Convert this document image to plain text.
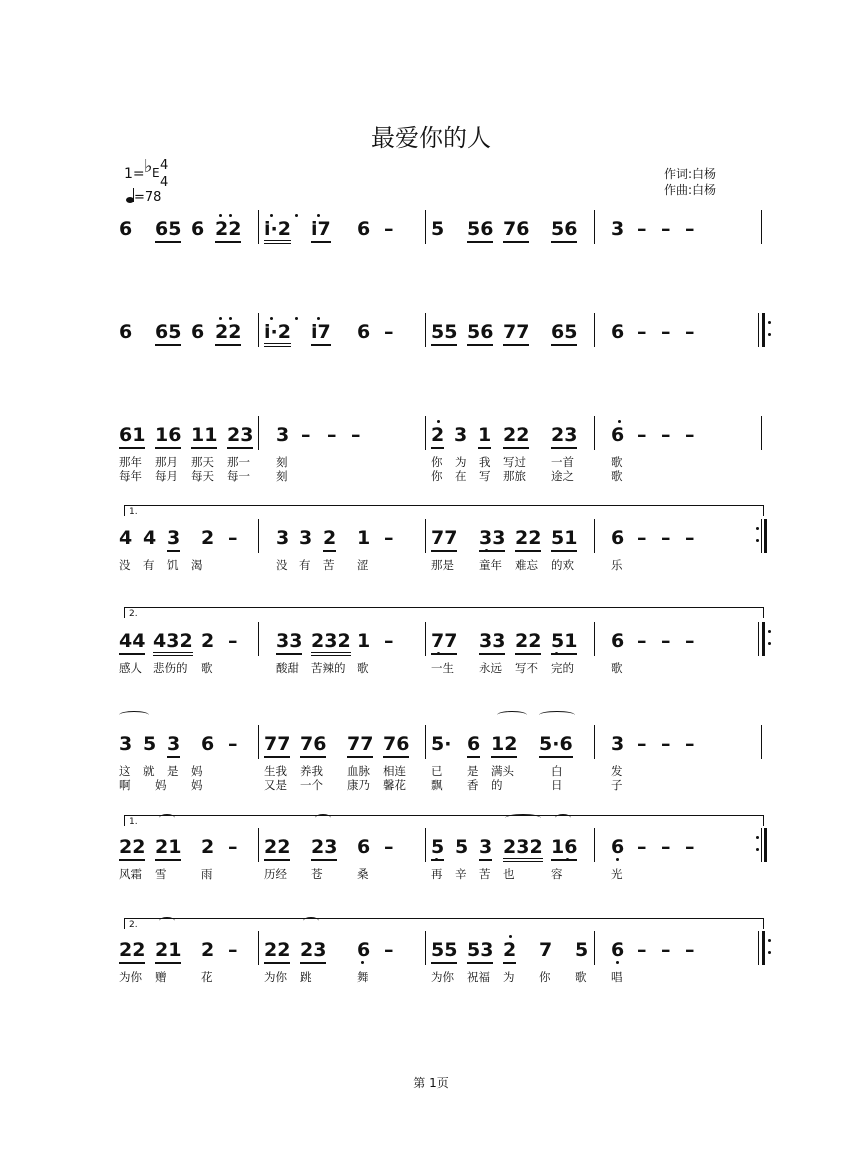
最爱你的人
1= ♭ E 4
4
=78
作词:白杨
作曲:白杨
6 65 6 22 i·2 i7 6 – 5 56 76 56 3 – – –
6 65 6 22 i·2 i7 6 – 55 56 77 65 6 – – –
61 16 11 23 3 – – –	2 3 1 22 23 6 – – –
那年 那月 那天 那一 刻	你 为 我 写过 一首	歌
每年 每月 每天 每一 刻	你 在 写 那旅 途之	歌
1.
4 4 3 2 – 3 3 2 1 – 77 33 22 51 6 – – –
没 有 饥 渴	没 有 苦 涩	那是 童年 难忘 的欢	乐
2.
44 432 2 – 33 232 1 – 77 33 22 51 6 – – –
感人 悲伤的 歌	酸甜 苦辣的 歌	一生 永远 写不 完的	歌
3 5 3 6 – 77 76 77 76 5· 6 12 5·6 3 – – –
这 就 是 妈	生我 养我 血脉 相连 已 是 满头	白	发
啊 妈 妈	又是 一个 康乃 馨花 飘 香 的	日	子
1.
22 21 2 – 22 23 6 – 5 5 3 232 16 6 – – –
风霜 雪	雨	历经 苍	桑	再 辛 苦 也	容	光
2.
22 21 2 – 22 23 6 – 55 53 2 7 5 6 – – –
为你 赠	花	为你 跳	舞	为你 祝福 为 你 歌 唱
第 1页
